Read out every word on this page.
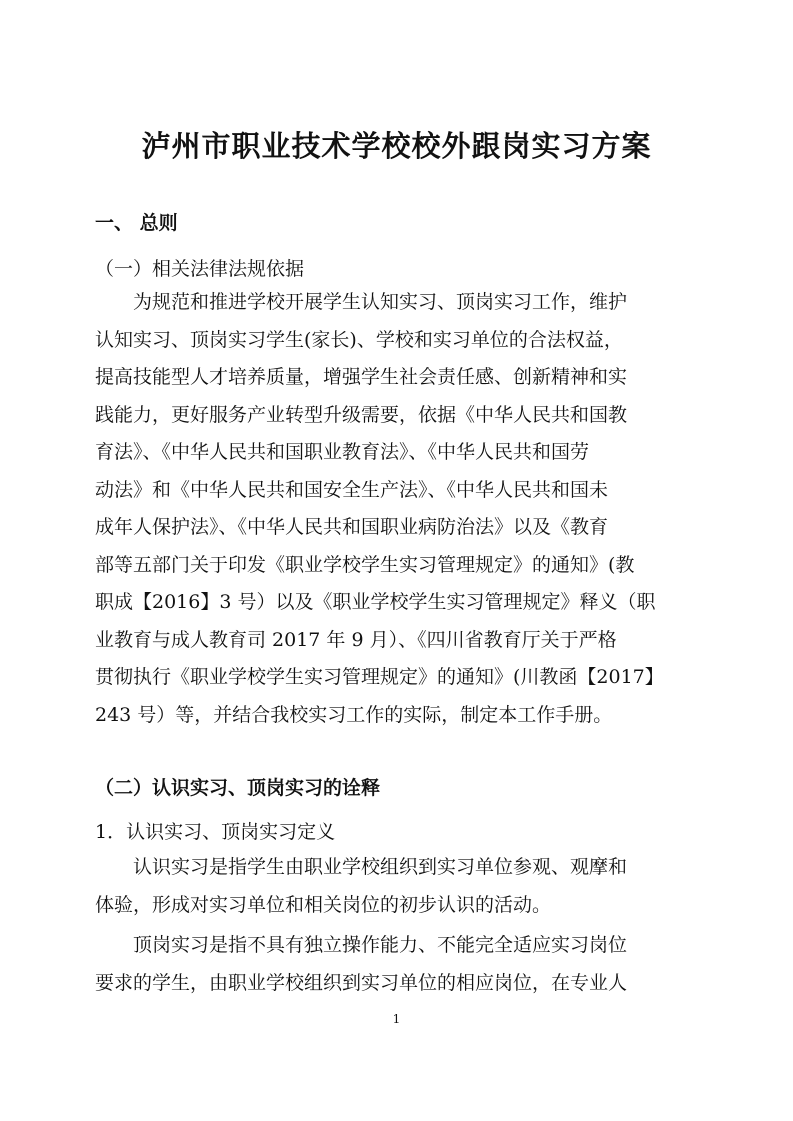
泸州市职业技术学校校外跟岗实习方案
一、 总则
（一）相关法律法规依据
为规范和推进学校开展学生认知实习、顶岗实习工作，维护
认知实习、顶岗实习学生(家长)、学校和实习单位的合法权益，
提高技能型人才培养质量，增强学生社会责任感、创新精神和实
践能力，更好服务产业转型升级需要，依据《中华人民共和国教
育法》、《中华人民共和国职业教育法》、《中华人民共和国劳
动法》和《中华人民共和国安全生产法》、《中华人民共和国未
成年人保护法》、《中华人民共和国职业病防治法》以及《教育
部等五部门关于印发《职业学校学生实习管理规定》的通知》(教
职成【2016】3 号）以及《职业学校学生实习管理规定》释义（职
业教育与成人教育司 2017 年 9 月）、《四川省教育厅关于严格
贯彻执行《职业学校学生实习管理规定》的通知》(川教函【2017】
243 号）等，并结合我校实习工作的实际，制定本工作手册。
（二）认识实习、顶岗实习的诠释
1．认识实习、顶岗实习定义
认识实习是指学生由职业学校组织到实习单位参观、观摩和
体验，形成对实习单位和相关岗位的初步认识的活动。
顶岗实习是指不具有独立操作能力、不能完全适应实习岗位
要求的学生，由职业学校组织到实习单位的相应岗位，在专业人
1
